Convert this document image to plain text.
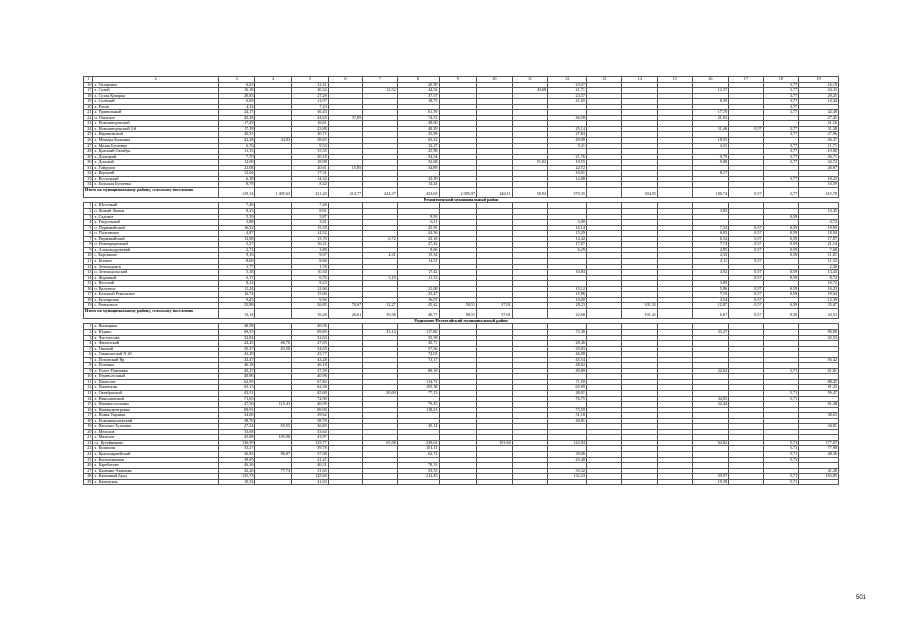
1	2	3	4	5	6	7	8	9	10	11	12	13	14	15	16	17	18	19
16	х. Титаренко	6,63		12,41			20,99				23,07						3,77	16,19
17	х. Сухой	16,18		20,32		12,52	44,52			43,68	21,71				12,37		3,77	24,33
18	х. Сухая Кумарка	20,83		27,29			37,57				23,57						3,77	29,25
19	х. Солёный	6,69		11,07			18,73				21,65				8,39		3,77	14,44
20	х. Рахов	4,32		7,23													3,77	
21	х. Привольный	24,15		36,43			61,39								17,19		3,77	42,49
22	п. Опытное	45,28		44,65	37,85		74,51				46,58				21,03			27,45
23	х. Новозаведенский	17,29		16,61			28,60											21,16
24	х. Новозаведенский 2-й	17,18		23,88			40,29				25,14				11,46	0,57	3,77	31,38
25	х. Наримовский	20,31		20,71			35,98				27,84						3,77	27,96
26	х. Мещера Калмыка	42,28	34,93	38,65			65,22				40,09				18,55			26,47
27	х. Малая Бугаевка	6,76		9,53			13,27				9,21				4,31		3,77	11,71
28	х. Красный Октябрь	11,15		15,35			25,98										3,77	19,80
29	х. Донецкий	7,70		20,18			34,54				21,76				9,79		3,77	26,71
30	х. Донской	12,00		18,98			32,68			51,02	19,55				9,08		3,77	24,72
31	х. Гайдуков	21,08		20,61	15,85		34,89				22,72							26,97
32	х. Верхний	12,04		17,31							19,01				8,17			
33	х. Восточный	6,18		14,32			23,39				14,88						3,77	18,43
34	х. Большая Бугаевка	8,78		8,42			14,24											10,59
Итого по муниципальному району, сельскому поселению		129,14	1 405,63	221,20	214,77	424,37	433,65	2 095,97	246,11	50,92	379,35		304,55		100,74	0,57	3,77	315,70
Ремонтненский муниципальный район																		
1	х. Шестикий	7,46		7,46														
2	п. Яшкий Лиман	9,23		8,91											3,82			10,45
3	х. Садовое	5,39		5,87			9,93										0,59	
4	х. Раздольный	3,88		3,61			6,11				3,80							4,72
5	п. Первомайский	16,32		15,35			25,95				16,14				7,32	0,57	0,59	19,99
6	п. Полтавское	4,87		14,52			24,56				15,29				6,93	0,57	0,59	18,94
7	х. Первомайский	13,08		13,70		6,72	23,18				14,42				6,54	0,57	0,59	17,87
8	п. Новоприречный	5,27		16,21			27,42				17,07				7,74	0,57	0,59	21,14
9	х. Александровский	2,72		3,89			9,06				6,29				2,85	0,57	0,59	7,68
10	с. Корсиково	9,16		9,07		4,31	15,34								4,33		0,59	11,81
11	х. Кичиле	8,60		8,66			14,51								4,11	0,57		11,32
12	х. Зеленодонск	1,77		1,76														2,30
13	п. Зеленодольский	5,38		10,30			17,42				10,84				4,92	0,57	0,59	13,43
14	х. Ждамный	6,17		6,70		3,19	11,33									0,57	0,59	8,74
15	х. Веселый	8,22		8,23											3,89			10,72
16	п. Валуевое	11,24		12,66			21,08				13,12				5,96	0,57	0,59	16,23
17	х. Большой Ремонтное	16,74		15,06			25,47				15,86				7,19	0,57	0,59	19,64
18	х. Белоярская	9,45		9,56			16,07				10,00				4,54	0,57		12,39
19	с. Ремонтное	25,88		26,85	70,67	12,27	45,42	58,51	37,01		28,23		101,31		12,87	0,57	0,59	35,07
Итого по муниципальному району, сельскому поселению		13,14		16,28	20,61	10,30	40,77	98,51	37,01		22,68		101,31		6,67	0,57	0,59	24,53
Родионово-Несветайский муниципальный район																		
1	х. Яновщина	40,58		40,58														
2	х. Юдино	69,55		69,69		33,14	117,86				73,36				33,27			90,88
3	х. Чистополка	32,84		32,63			55,39											42,53
4	х. Филипский	24,25	66,70	27,05			45,71				28,46							
5	х. Тишкий	35,37	83,58	34,05			57,56				35,83							
6	х. Таманчастый N 20	43,28		43,77			74,03				46,08							
7	х. Поповский Яр	43,47		43,28			73,17				45,54							56,42
8	х. Поповка	46,18		46,18							48,62							
9	х. Плотт-Павловка	45,27		47,39			80,16				49,89				22,63		5,71	61,81
10	х. Переволочный	40,96		40,96														
11	х. Пантелев	62,95		67,82			114,72				71,50							88,45
12	х. Пантюхин	63,13		62,36			105,38				65,69							81,25
13	х. Октябрьский	43,51		45,60		20,69	77,13				48,01						5,71	59,47
14	х. Николаевский	71,65		72,90							76,75				34,83		5,71	
15	х. Нижнегосиловка	47,56	115,41	46,99			79,45								22,44			61,28
16	х. Нижнедмитровка	69,91		69,90			118,23				73,59							
17	х. Новая Украина	34,08		29,62							31,18							38,63
18	х. Новониколаевский	38,76		38,76							40,81							
19	х. Наголно-Тузловка	27,24	65,55	26,69			45,14											34,81
20	х. Мелихов	33,68		33,64														
21	х. Малахов	45,88	105,90	43,97														
22	сл. Кутейниково	136,99		135,77		65,58	229,61		191,60		142,94				64,82		5,71	177,07
23	х. Кулишин	33,27		39,78			101,11										5,71	77,98
24	х. Красноармейский	36,82	96,07	37,08			62,72				39,06						5,71	48,36
25	х. Копиленкован	39,05		41,21							43,40						5,71	
26	х. Каребатово	46,36		46,31			78,33											
27	х. Каменно-Акимова	32,26	77,74	31,65			53,53				33,32							41,28
28	х. Каменный Брод	125,73		125,60			212,45				132,23				59,97		5,71	163,85
29	х. Каменская	10,54		41,02											19,58		5,71	
501
